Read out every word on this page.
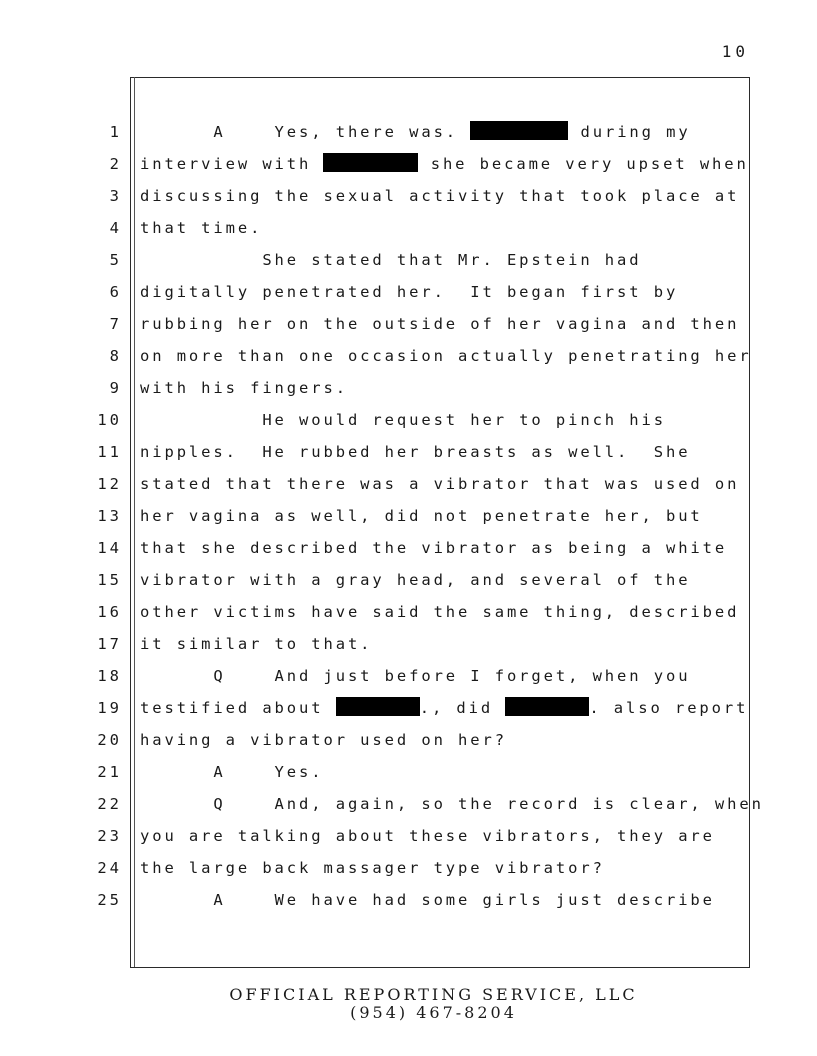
10
1 A    Yes, there was.	during my
2 interview with	she became very upset when
3 discussing the sexual activity that took place at
4 that time.
5 She stated that Mr. Epstein had
6 digitally penetrated her.  It began first by
7 rubbing her on the outside of her vagina and then
8 on more than one occasion actually penetrating her
9 with his fingers.
10 He would request her to pinch his
11 nipples.  He rubbed her breasts as well.  She
12 stated that there was a vibrator that was used on
13 her vagina as well, did not penetrate her, but
14 that she described the vibrator as being a white
15 vibrator with a gray head, and several of the
16 other victims have said the same thing, described
17 it similar to that.
18 Q    And just before I forget, when you
19 testified about	., did	. also report
20 having a vibrator used on her?
21 A    Yes.
22 Q    And, again, so the record is clear, when
23 you are talking about these vibrators, they are
24 the large back massager type vibrator?
25 A    We have had some girls just describe
OFFICIAL REPORTING SERVICE, LLC
(954) 467-8204
